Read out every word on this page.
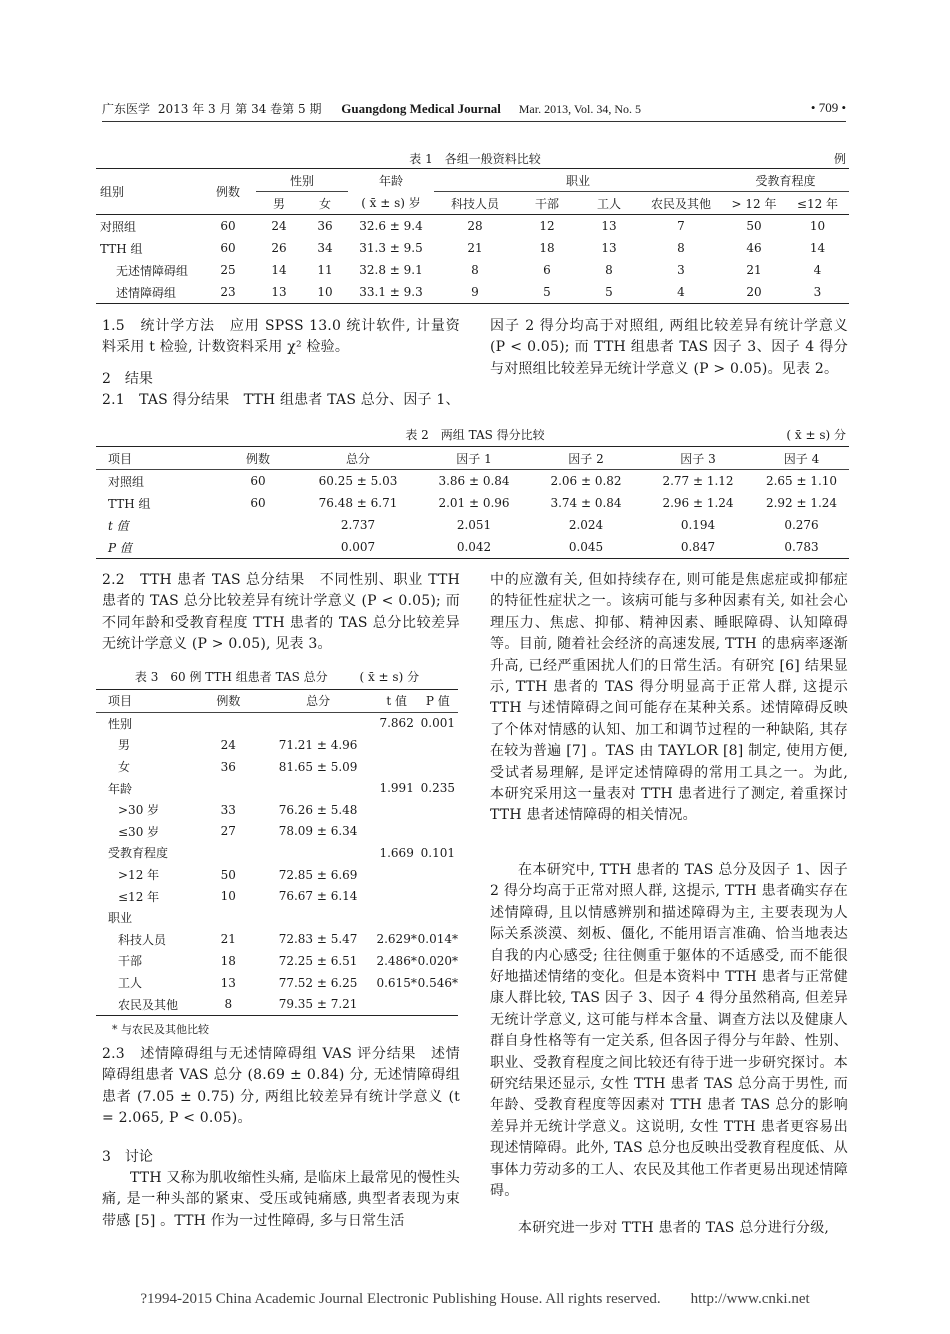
广东医学 2013 年 3 月 第 34 卷第 5 期 Guangdong Medical Journal Mar. 2013, Vol. 34, No. 5	• 709 •
表 1　各组一般资料比较	例
组别	例数	性别		年龄	职业				受教育程度	
		男	女	( x̄ ± s) 岁	科技人员	干部	工人	农民及其他	> 12 年	≤12 年
对照组	60	24	36	32.6 ± 9.4	28	12	13	7	50	10
TTH 组	60	26	34	31.3 ± 9.5	21	18	13	8	46	14
无述情障碍组	25	14	11	32.8 ± 9.1	8	6	8	3	21	4
述情障碍组	23	13	10	33.1 ± 9.3	9	5	5	4	20	3
1.5　统计学方法　应用 SPSS 13.0 统计软件, 计量资料采用 t 检验, 计数资料采用 χ² 检验。
2　结果
2.1　TAS 得分结果　TTH 组患者 TAS 总分、因子 1、
因子 2 得分均高于对照组, 两组比较差异有统计学意义 (P < 0.05); 而 TTH 组患者 TAS 因子 3、因子 4 得分与对照组比较差异无统计学意义 (P > 0.05)。见表 2。
表 2　两组 TAS 得分比较	( x̄ ± s) 分
项目	例数	总分	因子 1	因子 2	因子 3	因子 4
对照组	60	60.25 ± 5.03	3.86 ± 0.84	2.06 ± 0.82	2.77 ± 1.12	2.65 ± 1.10
TTH 组	60	76.48 ± 6.71	2.01 ± 0.96	3.74 ± 0.84	2.96 ± 1.24	2.92 ± 1.24
t 值		2.737	2.051	2.024	0.194	0.276
P 值		0.007	0.042	0.045	0.847	0.783
2.2　TTH 患者 TAS 总分结果　不同性别、职业 TTH 患者的 TAS 总分比较差异有统计学意义 (P < 0.05); 而不同年龄和受教育程度 TTH 患者的 TAS 总分比较差异无统计学意义 (P > 0.05), 见表 3。
表 3　60 例 TTH 组患者 TAS 总分	( x̄ ± s) 分
项目	例数	总分	t 值	P 值
性别			7.862	0.001
男	24	71.21 ± 4.96		
女	36	81.65 ± 5.09		
年龄			1.991	0.235
>30 岁	33	76.26 ± 5.48		
≤30 岁	27	78.09 ± 6.34		
受教育程度			1.669	0.101
>12 年	50	72.85 ± 6.69		
≤12 年	10	76.67 ± 6.14		
职业				
科技人员	21	72.83 ± 5.47	2.629*	0.014*
干部	18	72.25 ± 6.51	2.486*	0.020*
工人	13	77.52 ± 6.25	0.615*	0.546*
农民及其他	8	79.35 ± 7.21		
* 与农民及其他比较
2.3　述情障碍组与无述情障碍组 VAS 评分结果　述情障碍组患者 VAS 总分 (8.69 ± 0.84) 分, 无述情障碍组患者 (7.05 ± 0.75) 分, 两组比较差异有统计学意义 (t = 2.065, P < 0.05)。
3　讨论
TTH 又称为肌收缩性头痛, 是临床上最常见的慢性头痛, 是一种头部的紧束、受压或钝痛感, 典型者表现为束带感 [5] 。TTH 作为一过性障碍, 多与日常生活
中的应激有关, 但如持续存在, 则可能是焦虑症或抑郁症的特征性症状之一。该病可能与多种因素有关, 如社会心理压力、焦虑、抑郁、精神因素、睡眠障碍、认知障碍等。目前, 随着社会经济的高速发展, TTH 的患病率逐渐升高, 已经严重困扰人们的日常生活。有研究 [6] 结果显示, TTH 患者的 TAS 得分明显高于正常人群, 这提示 TTH 与述情障碍之间可能存在某种关系。述情障碍反映了个体对情感的认知、加工和调节过程的一种缺陷, 其存在较为普遍 [7] 。TAS 由 TAYLOR [8] 制定, 使用方便, 受试者易理解, 是评定述情障碍的常用工具之一。为此, 本研究采用这一量表对 TTH 患者进行了测定, 着重探讨 TTH 患者述情障碍的相关情况。
在本研究中, TTH 患者的 TAS 总分及因子 1、因子 2 得分均高于正常对照人群, 这提示, TTH 患者确实存在述情障碍, 且以情感辨别和描述障碍为主, 主要表现为人际关系淡漠、刻板、僵化, 不能用语言准确、恰当地表达自我的内心感受; 往往侧重于躯体的不适感受, 而不能很好地描述情绪的变化。但是本资料中 TTH 患者与正常健康人群比较, TAS 因子 3、因子 4 得分虽然稍高, 但差异无统计学意义, 这可能与样本含量、调查方法以及健康人群自身性格等有一定关系, 但各因子得分与年龄、性别、职业、受教育程度之间比较还有待于进一步研究探讨。本研究结果还显示, 女性 TTH 患者 TAS 总分高于男性, 而年龄、受教育程度等因素对 TTH 患者 TAS 总分的影响差异并无统计学意义。这说明, 女性 TTH 患者更容易出现述情障碍。此外, TAS 总分也反映出受教育程度低、从事体力劳动多的工人、农民及其他工作者更易出现述情障碍。
本研究进一步对 TTH 患者的 TAS 总分进行分级,
?1994-2015 China Academic Journal Electronic Publishing House. All rights reserved.　　http://www.cnki.net
